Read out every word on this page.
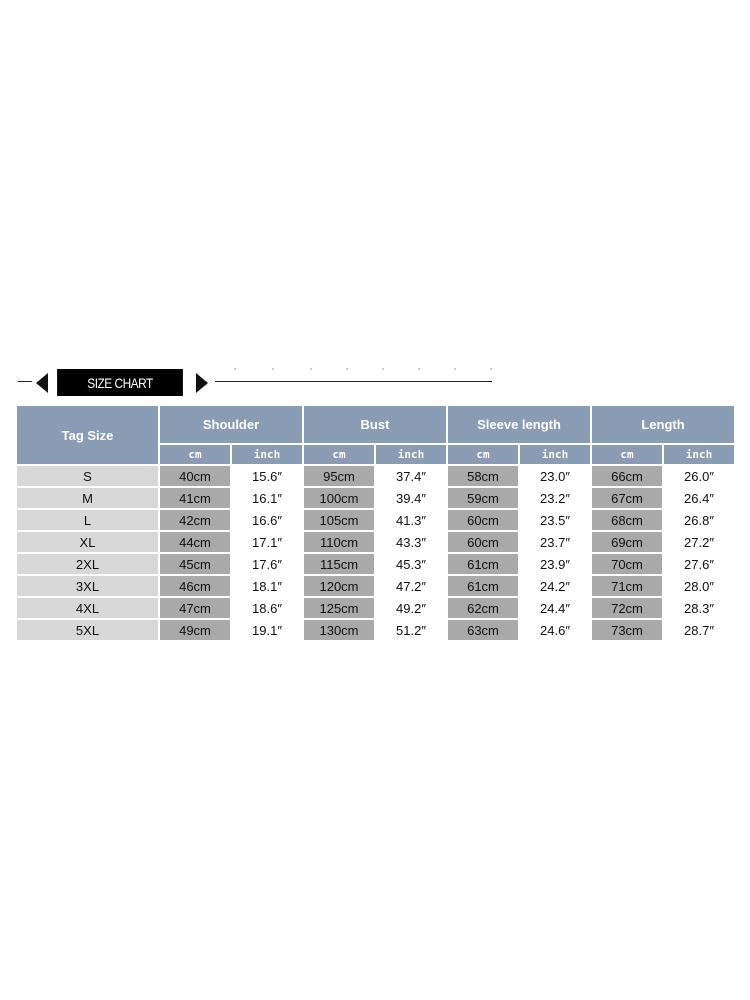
SIZE CHART
Tag Size	Shoulder		Bust		Sleeve length		Length	
	cm	inch	cm	inch	cm	inch	cm	inch
S	40cm	15.6″	95cm	37.4″	58cm	23.0″	66cm	26.0″
M	41cm	16.1″	100cm	39.4″	59cm	23.2″	67cm	26.4″
L	42cm	16.6″	105cm	41.3″	60cm	23.5″	68cm	26.8″
XL	44cm	17.1″	110cm	43.3″	60cm	23.7″	69cm	27.2″
2XL	45cm	17.6″	115cm	45.3″	61cm	23.9″	70cm	27.6″
3XL	46cm	18.1″	120cm	47.2″	61cm	24.2″	71cm	28.0″
4XL	47cm	18.6″	125cm	49.2″	62cm	24.4″	72cm	28.3″
5XL	49cm	19.1″	130cm	51.2″	63cm	24.6″	73cm	28.7″
